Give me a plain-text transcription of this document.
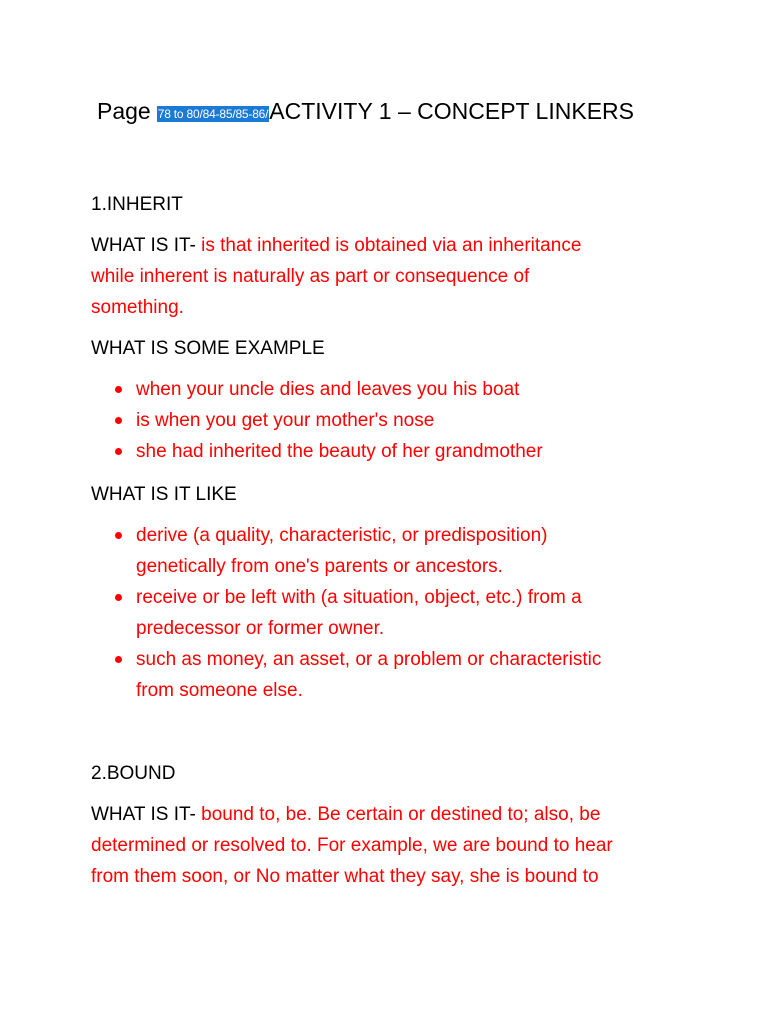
Page 78 to 80/84-85/85-86/ACTIVITY 1 – CONCEPT LINKERS
1.INHERIT
WHAT IS IT- is that inherited is obtained via an inheritance
while inherent is naturally as part or consequence of
something.
WHAT IS SOME EXAMPLE
when your uncle dies and leaves you his boat
is when you get your mother's nose
she had inherited the beauty of her grandmother
WHAT IS IT LIKE
derive (a quality, characteristic, or predisposition)
genetically from one's parents or ancestors.
receive or be left with (a situation, object, etc.) from a
predecessor or former owner.
such as money, an asset, or a problem or characteristic
from someone else.
2.BOUND
WHAT IS IT- bound to, be. Be certain or destined to; also, be
determined or resolved to. For example, we are bound to hear
from them soon, or No matter what they say, she is bound to
